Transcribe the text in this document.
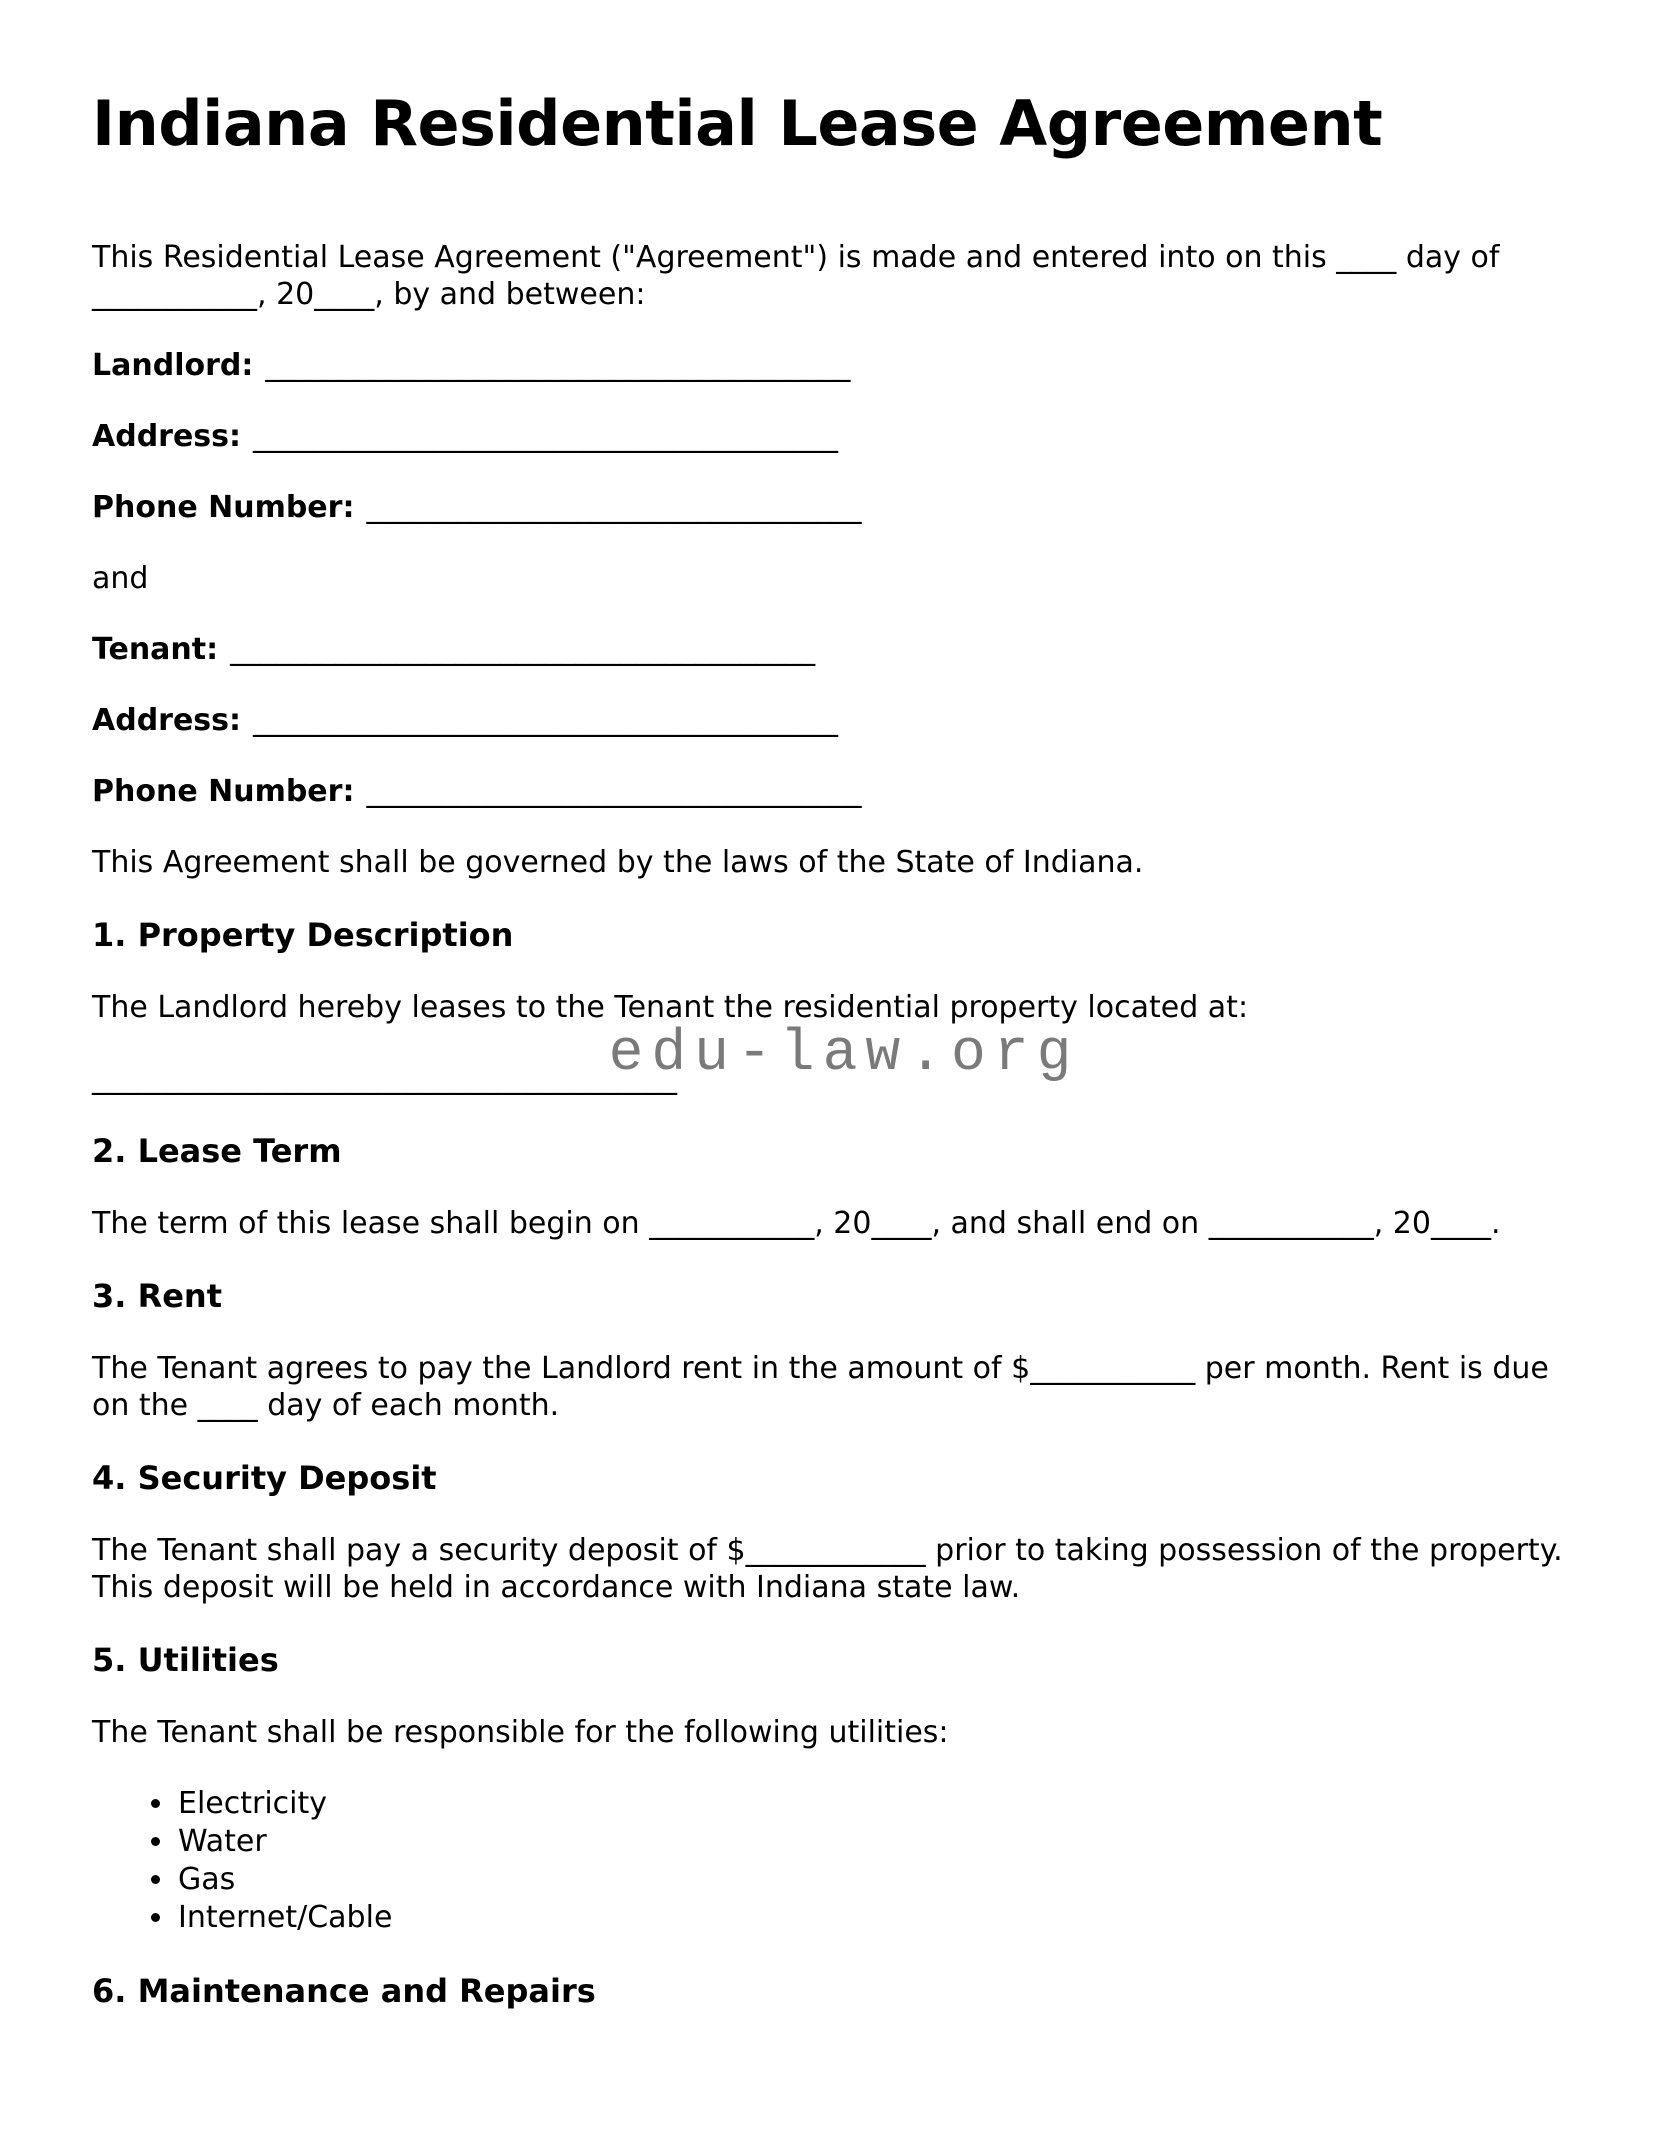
Indiana Residential Lease Agreement

This Residential Lease Agreement ("Agreement") is made and entered into on this ____ day of ___________, 20____, by and between:

Landlord: _______________________________________

Address: _______________________________________

Phone Number: _________________________________

and

Tenant: _______________________________________

Address: _______________________________________

Phone Number: _________________________________

This Agreement shall be governed by the laws of the State of Indiana.

1. Property Description

The Landlord hereby leases to the Tenant the residential property located at:

_______________________________________
edu-law.org

2. Lease Term

The term of this lease shall begin on ___________, 20____, and shall end on ___________, 20____.

3. Rent

The Tenant agrees to pay the Landlord rent in the amount of $___________ per month. Rent is due on the ____ day of each month.

4. Security Deposit

The Tenant shall pay a security deposit of $____________ prior to taking possession of the property. This deposit will be held in accordance with Indiana state law.

5. Utilities

The Tenant shall be responsible for the following utilities:

• Electricity
• Water
• Gas
• Internet/Cable
6. Maintenance and Repairs
